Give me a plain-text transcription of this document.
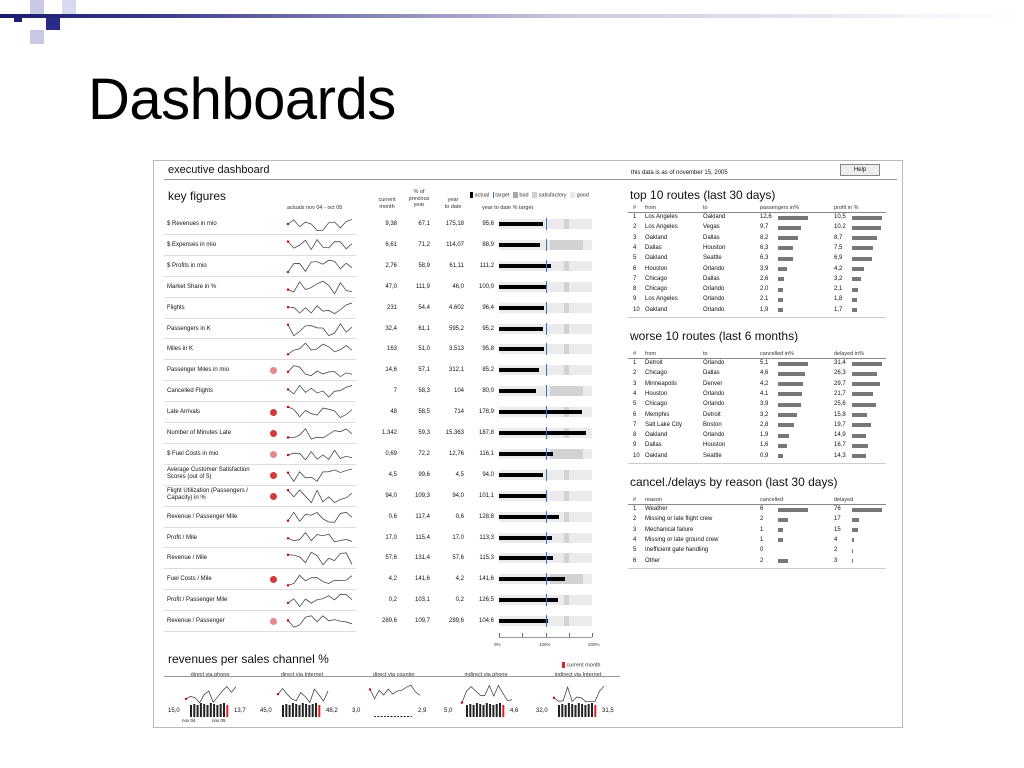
Dashboards
executive dashboard	this data is as of november 15, 2005	Help
key figures
actuals nov 04 - oct 05
current
month
% of
previous
year
year
to date	year to date % target
actual target bad satisfactory good
0%	100%	200%
revenues per sales channel %	current month
top 10 routes (last 30 days)
worse 10 routes (last 6 months)
cancel./delays by reason (last 30 days)
$ Revenues in mio	9,38	67,1	175,18	95,6
$ Expenses in mio	6,61	71,2	114,07	88,9
$ Profits in mio	2,76	58,9	61,11	111,2
Market Share in %	47,0	111,9	46,0	100,0
Flights	231	54,4	4.602	96,4
Passengers in K	32,4	61,1	595,2	95,2
Miles in K	163	51,0	3.513	95,8
Passenger Miles in mio	14,6	57,1	312,1	85,2
Cancelled Flights	7	58,3	104	80,0
Late Arrivals	48	58,5	714	178,9
Number of Minutes Late	1.342	59,3	15.363	187,8
$ Fuel Costs in mio	0,69	72,2	12,76	116,1
Average Customer Satisfaction Scores (out of 5)	4,5	99,6	4,5	94,0
Flight Utilization (Passengers / Capacity) in %	94,0	109,3	94,0	101,1
Revenue / Passenger Mile	0,6	117,4	0,6	128,8
Profit / Mile	17,0	115,4	17,0	113,3
Revenue / Mile	57,6	131,4	57,6	115,3
Fuel Costs / Mile	4,2	141,6	4,2	141,6
Profit / Passenger Mile	0,2	103,1	0,2	126,5
Revenue / Passenger	289,6	109,7	289,6	104,6
direct via phone
15,0	13,7
direct via Internet
45,0	48,2
direct via counter
3,0	2,9
indirect via phone
5,0	4,6
indirect via Internet
32,0	31,5
nov 04	nov 05
# from	to	passengers in%	profit in %
1 Los Angeles	Oakland	12,6	10,5
2 Los Angeles	Vegas	9,7	10,2
3 Oakland	Dallas	8,2	8,7
4 Dallas	Houston	6,3	7,5
5 Oakland	Seattle	6,3	6,9
6 Houston	Orlando	3,9	4,2
7 Chicago	Dallas	2,6	3,2
8 Chicago	Orlando	2,0	2,1
9 Los Angeles	Orlando	2,1	1,8
10 Oakland	Orlando	1,9	1,7
# from	to	cancelled in%	delayed in%
1 Detroit	Orlando	5,1	31,4
2 Chicago	Dallas	4,6	26,3
3 Minneapolis	Denver	4,2	29,7
4 Houston	Orlando	4,1	21,7
5 Chicago	Orlando	3,9	25,6
6 Memphis	Detroit	3,2	15,8
7 Salt Lake City	Boston	2,8	19,7
8 Oakland	Orlando	1,9	14,9
9 Dallas	Houston	1,6	16,7
10 Oakland	Seattle	0,9	14,3
# reason	cancelled	delayed
1 Weather	6	76
2 Missing or late flight crew	2	17
3 Mechanical failure	1	15
4 Missing or late ground crew	1	4
5 Inefficient gate handling	0	2
6 Other	2	3
